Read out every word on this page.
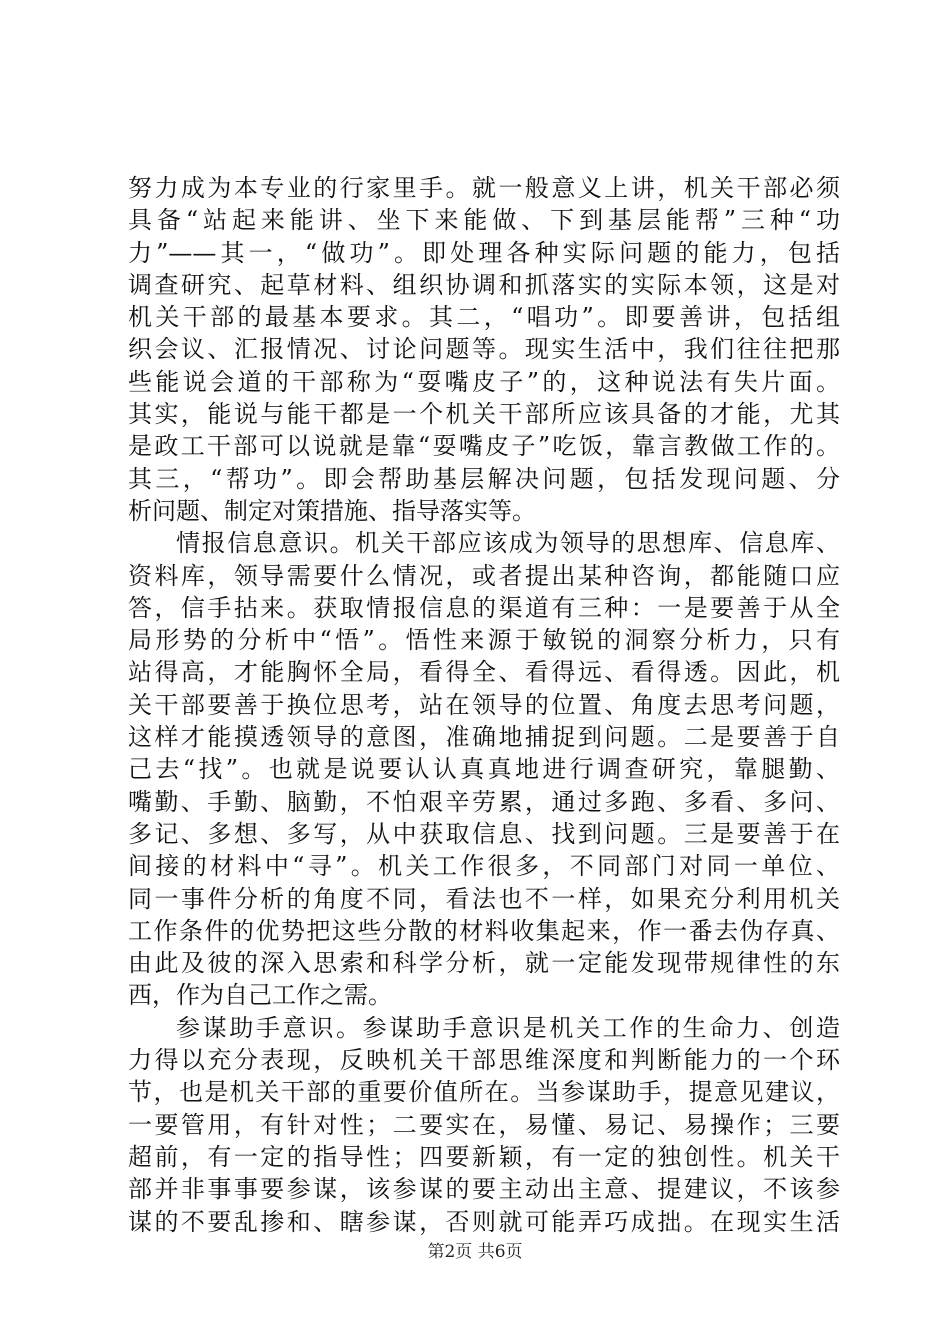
努力成为本专业的行家里手。就一般意义上讲，机关干部必须
具备“站起来能讲、坐下来能做、下到基层能帮”三种“功
力”——其一，“做功”。即处理各种实际问题的能力，包括
调查研究、起草材料、组织协调和抓落实的实际本领，这是对
机关干部的最基本要求。其二，“唱功”。即要善讲，包括组
织会议、汇报情况、讨论问题等。现实生活中，我们往往把那
些能说会道的干部称为“耍嘴皮子”的，这种说法有失片面。
其实，能说与能干都是一个机关干部所应该具备的才能，尤其
是政工干部可以说就是靠“耍嘴皮子”吃饭，靠言教做工作的。
其三，“帮功”。即会帮助基层解决问题，包括发现问题、分
析问题、制定对策措施、指导落实等。
情报信息意识。机关干部应该成为领导的思想库、信息库、
资料库，领导需要什么情况，或者提出某种咨询，都能随口应
答，信手拈来。获取情报信息的渠道有三种：一是要善于从全
局形势的分析中“悟”。悟性来源于敏锐的洞察分析力，只有
站得高，才能胸怀全局，看得全、看得远、看得透。因此，机
关干部要善于换位思考，站在领导的位置、角度去思考问题，
这样才能摸透领导的意图，准确地捕捉到问题。二是要善于自
己去“找”。也就是说要认认真真地进行调查研究，靠腿勤、
嘴勤、手勤、脑勤，不怕艰辛劳累，通过多跑、多看、多问、
多记、多想、多写，从中获取信息、找到问题。三是要善于在
间接的材料中“寻”。机关工作很多，不同部门对同一单位、
同一事件分析的角度不同，看法也不一样，如果充分利用机关
工作条件的优势把这些分散的材料收集起来，作一番去伪存真、
由此及彼的深入思索和科学分析，就一定能发现带规律性的东
西，作为自己工作之需。
参谋助手意识。参谋助手意识是机关工作的生命力、创造
力得以充分表现，反映机关干部思维深度和判断能力的一个环
节，也是机关干部的重要价值所在。当参谋助手，提意见建议，
一要管用，有针对性；二要实在，易懂、易记、易操作；三要
超前，有一定的指导性；四要新颖，有一定的独创性。机关干
部并非事事要参谋，该参谋的要主动出主意、提建议，不该参
谋的不要乱掺和、瞎参谋，否则就可能弄巧成拙。在现实生活
第2页 共6页
